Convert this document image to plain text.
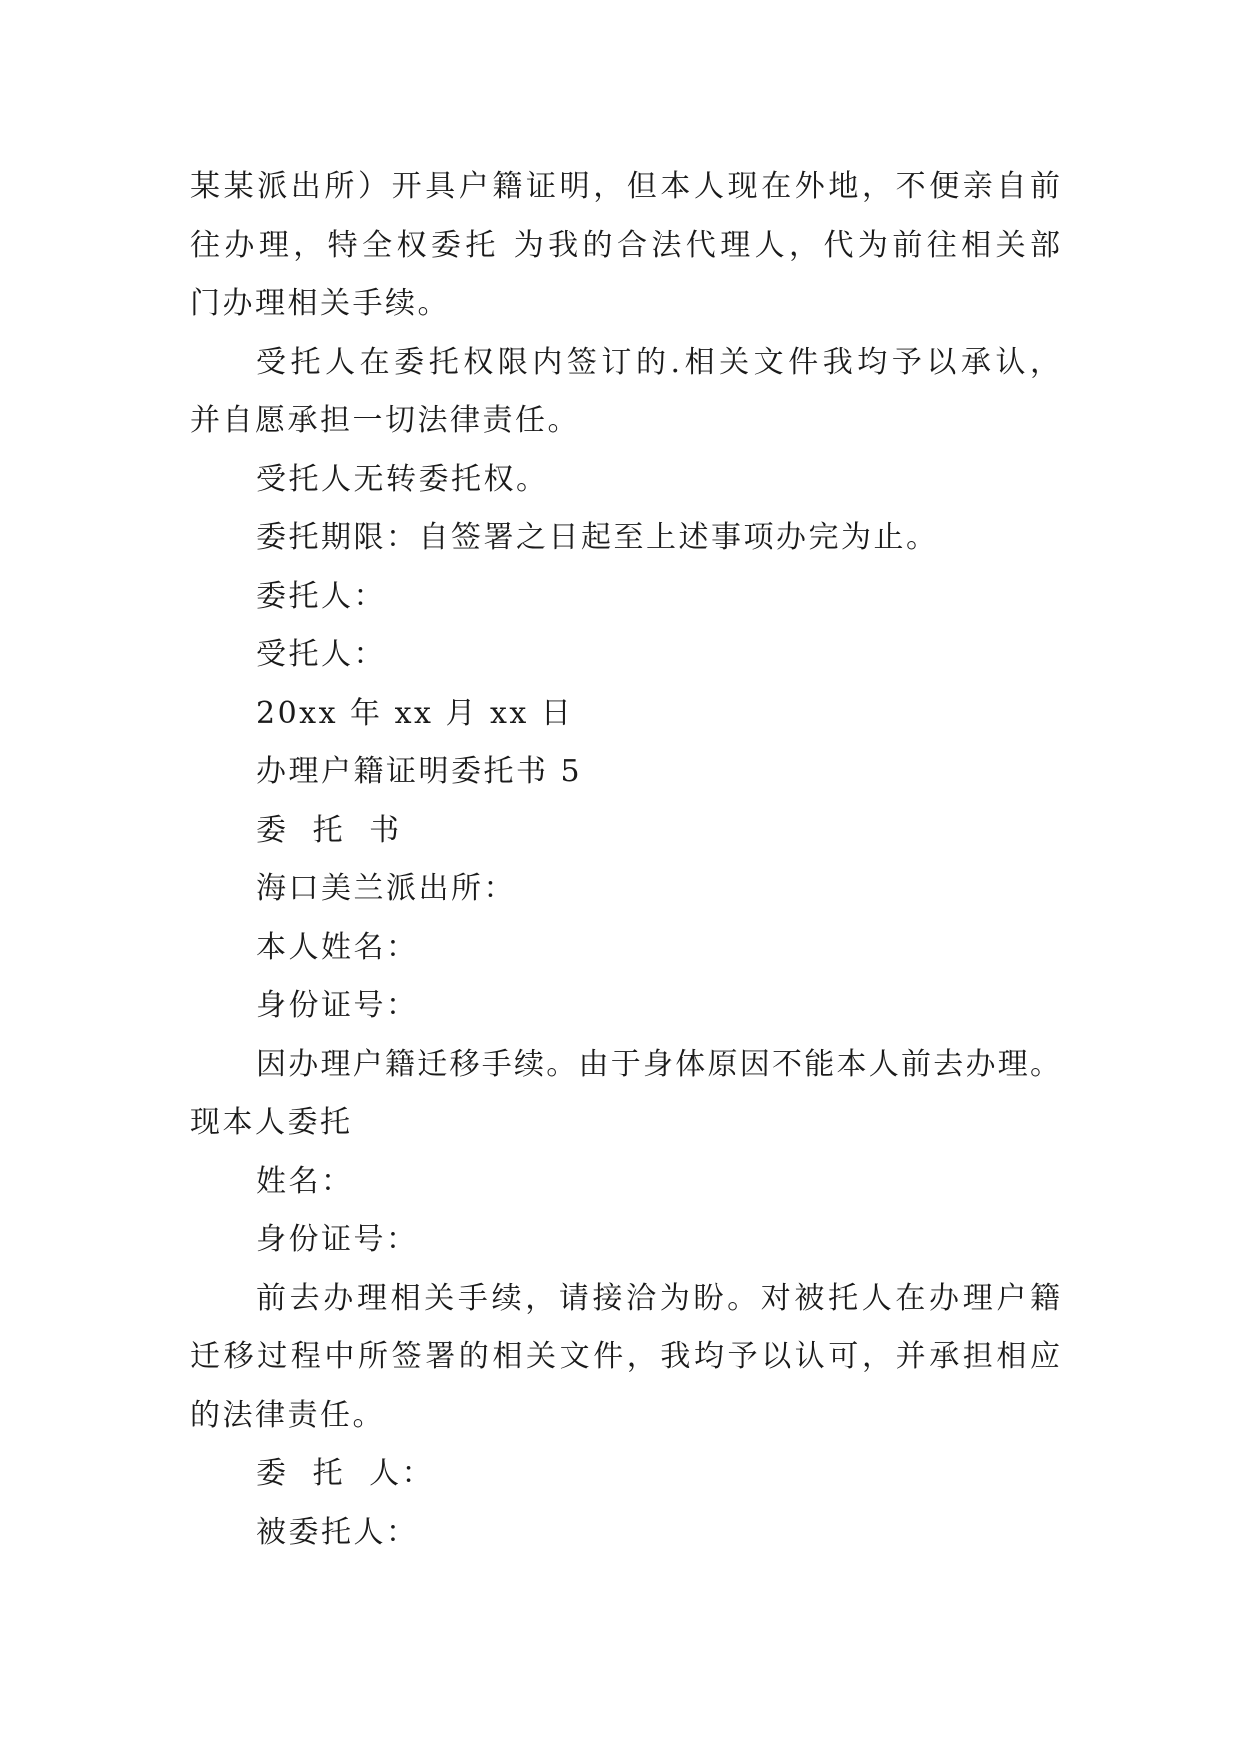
某某派出所）开具户籍证明，但本人现在外地，不便亲自前
往办理，特全权委托 为我的合法代理人，代为前往相关部
门办理相关手续。
受托人在委托权限内签订的.相关文件我均予以承认，
并自愿承担一切法律责任。
受托人无转委托权。
委托期限：自签署之日起至上述事项办完为止。
委托人：
受托人：
20xx 年 xx 月 xx 日
办理户籍证明委托书 5
委  托  书
海口美兰派出所：
本人姓名：
身份证号：
因办理户籍迁移手续。由于身体原因不能本人前去办理。
现本人委托
姓名：
身份证号：
前去办理相关手续，请接洽为盼。对被托人在办理户籍
迁移过程中所签署的相关文件，我均予以认可，并承担相应
的法律责任。
委  托  人：
被委托人：
